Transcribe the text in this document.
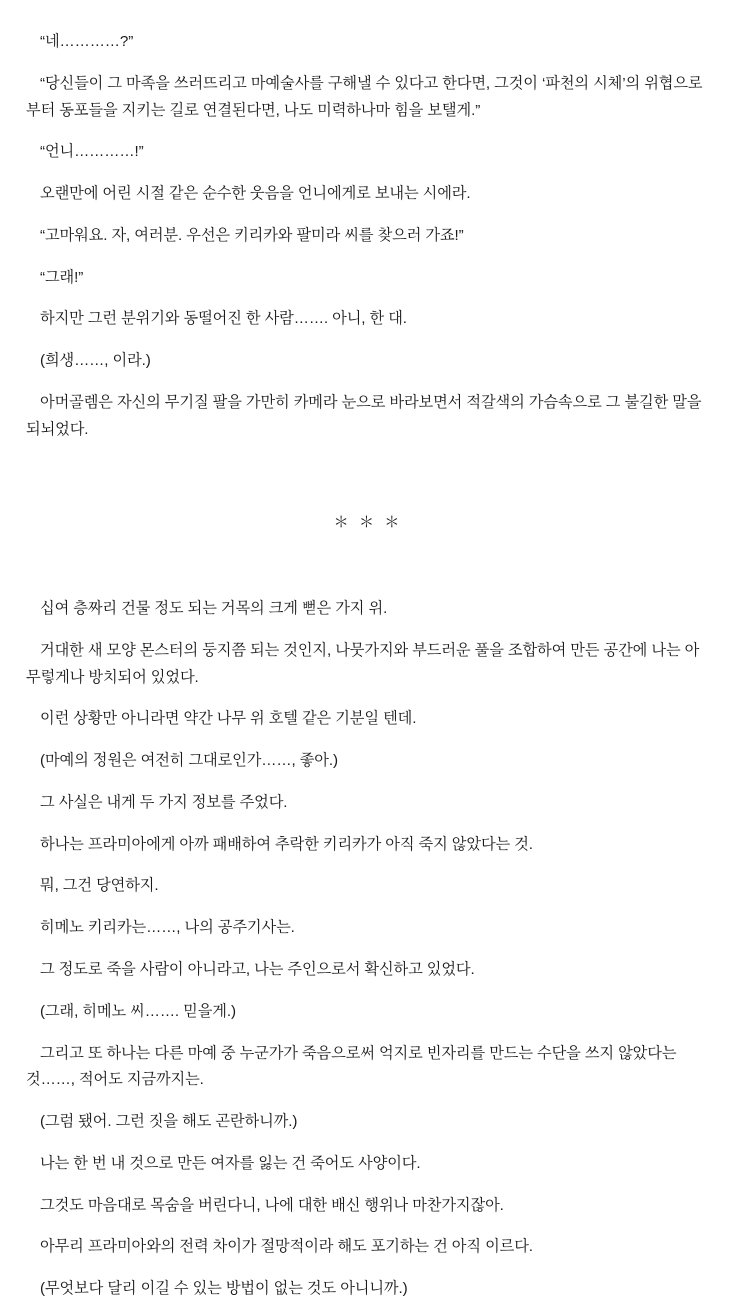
“네…………?”

“당신들이 그 마족을 쓰러뜨리고 마예술사를 구해낼 수 있다고 한다면, 그것이 ‘파천의 시체’의 위협으로부터 동포들을 지키는 길로 연결된다면, 나도 미력하나마 힘을 보탤게.”

“언니…………!”

오랜만에 어린 시절 같은 순수한 웃음을 언니에게로 보내는 시에라.

“고마워요. 자, 여러분. 우선은 키리카와 팔미라 씨를 찾으러 가죠!”

“그래!”

하지만 그런 분위기와 동떨어진 한 사람……. 아니, 한 대.

(희생……, 이라.)

아머골렘은 자신의 무기질 팔을 가만히 카메라 눈으로 바라보면서 적갈색의 가슴속으로 그 불길한 말을 되뇌었다.

＊ ＊ ＊

십여 층짜리 건물 정도 되는 거목의 크게 뻗은 가지 위.

거대한 새 모양 몬스터의 둥지쯤 되는 것인지, 나뭇가지와 부드러운 풀을 조합하여 만든 공간에 나는 아무렇게나 방치되어 있었다.

이런 상황만 아니라면 약간 나무 위 호텔 같은 기분일 텐데.

(마예의 정원은 여전히 그대로인가……, 좋아.)

그 사실은 내게 두 가지 정보를 주었다.

하나는 프라미아에게 아까 패배하여 추락한 키리카가 아직 죽지 않았다는 것.

뭐, 그건 당연하지.

히메노 키리카는……, 나의 공주기사는.

그 정도로 죽을 사람이 아니라고, 나는 주인으로서 확신하고 있었다.

(그래, 히메노 씨……. 믿을게.)

그리고 또 하나는 다른 마예 중 누군가가 죽음으로써 억지로 빈자리를 만드는 수단을 쓰지 않았다는 것……, 적어도 지금까지는.

(그럼 됐어. 그런 짓을 해도 곤란하니까.)

나는 한 번 내 것으로 만든 여자를 잃는 건 죽어도 사양이다.

그것도 마음대로 목숨을 버린다니, 나에 대한 배신 행위나 마찬가지잖아.

아무리 프라미아와의 전력 차이가 절망적이라 해도 포기하는 건 아직 이르다.

(무엇보다 달리 이길 수 있는 방법이 없는 것도 아니니까.)
